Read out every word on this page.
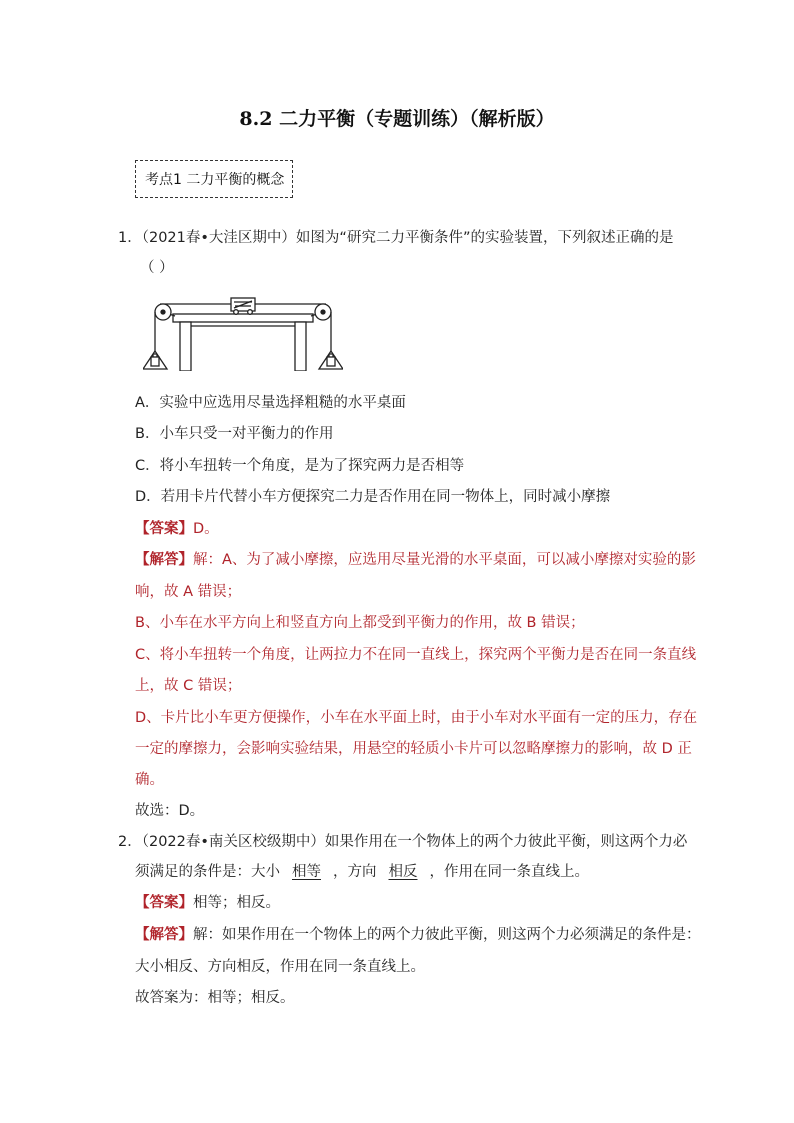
8.2 二力平衡（专题训练）（解析版）
考点1 二力平衡的概念
1．（2021春•大洼区期中）如图为“研究二力平衡条件”的实验装置，下列叙述正确的是
（ ）
A．实验中应选用尽量选择粗糙的水平桌面
B．小车只受一对平衡力的作用
C．将小车扭转一个角度，是为了探究两力是否相等
D．若用卡片代替小车方便探究二力是否作用在同一物体上，同时减小摩擦
【答案】D。
【解答】解：A、为了减小摩擦，应选用尽量光滑的水平桌面，可以减小摩擦对实验的影
响，故 A 错误；
B、小车在水平方向上和竖直方向上都受到平衡力的作用，故 B 错误；
C、将小车扭转一个角度，让两拉力不在同一直线上，探究两个平衡力是否在同一条直线
上，故 C 错误；
D、卡片比小车更方便操作，小车在水平面上时，由于小车对水平面有一定的压力，存在
一定的摩擦力，会影响实验结果，用悬空的轻质小卡片可以忽略摩擦力的影响，故 D 正
确。
故选：D。
2．（2022春•南关区校级期中）如果作用在一个物体上的两个力彼此平衡，则这两个力必
须满足的条件是：大小 相等 ，方向 相反 ，作用在同一条直线上。
【答案】相等；相反。
【解答】解：如果作用在一个物体上的两个力彼此平衡，则这两个力必须满足的条件是：
大小相反、方向相反，作用在同一条直线上。
故答案为：相等；相反。
